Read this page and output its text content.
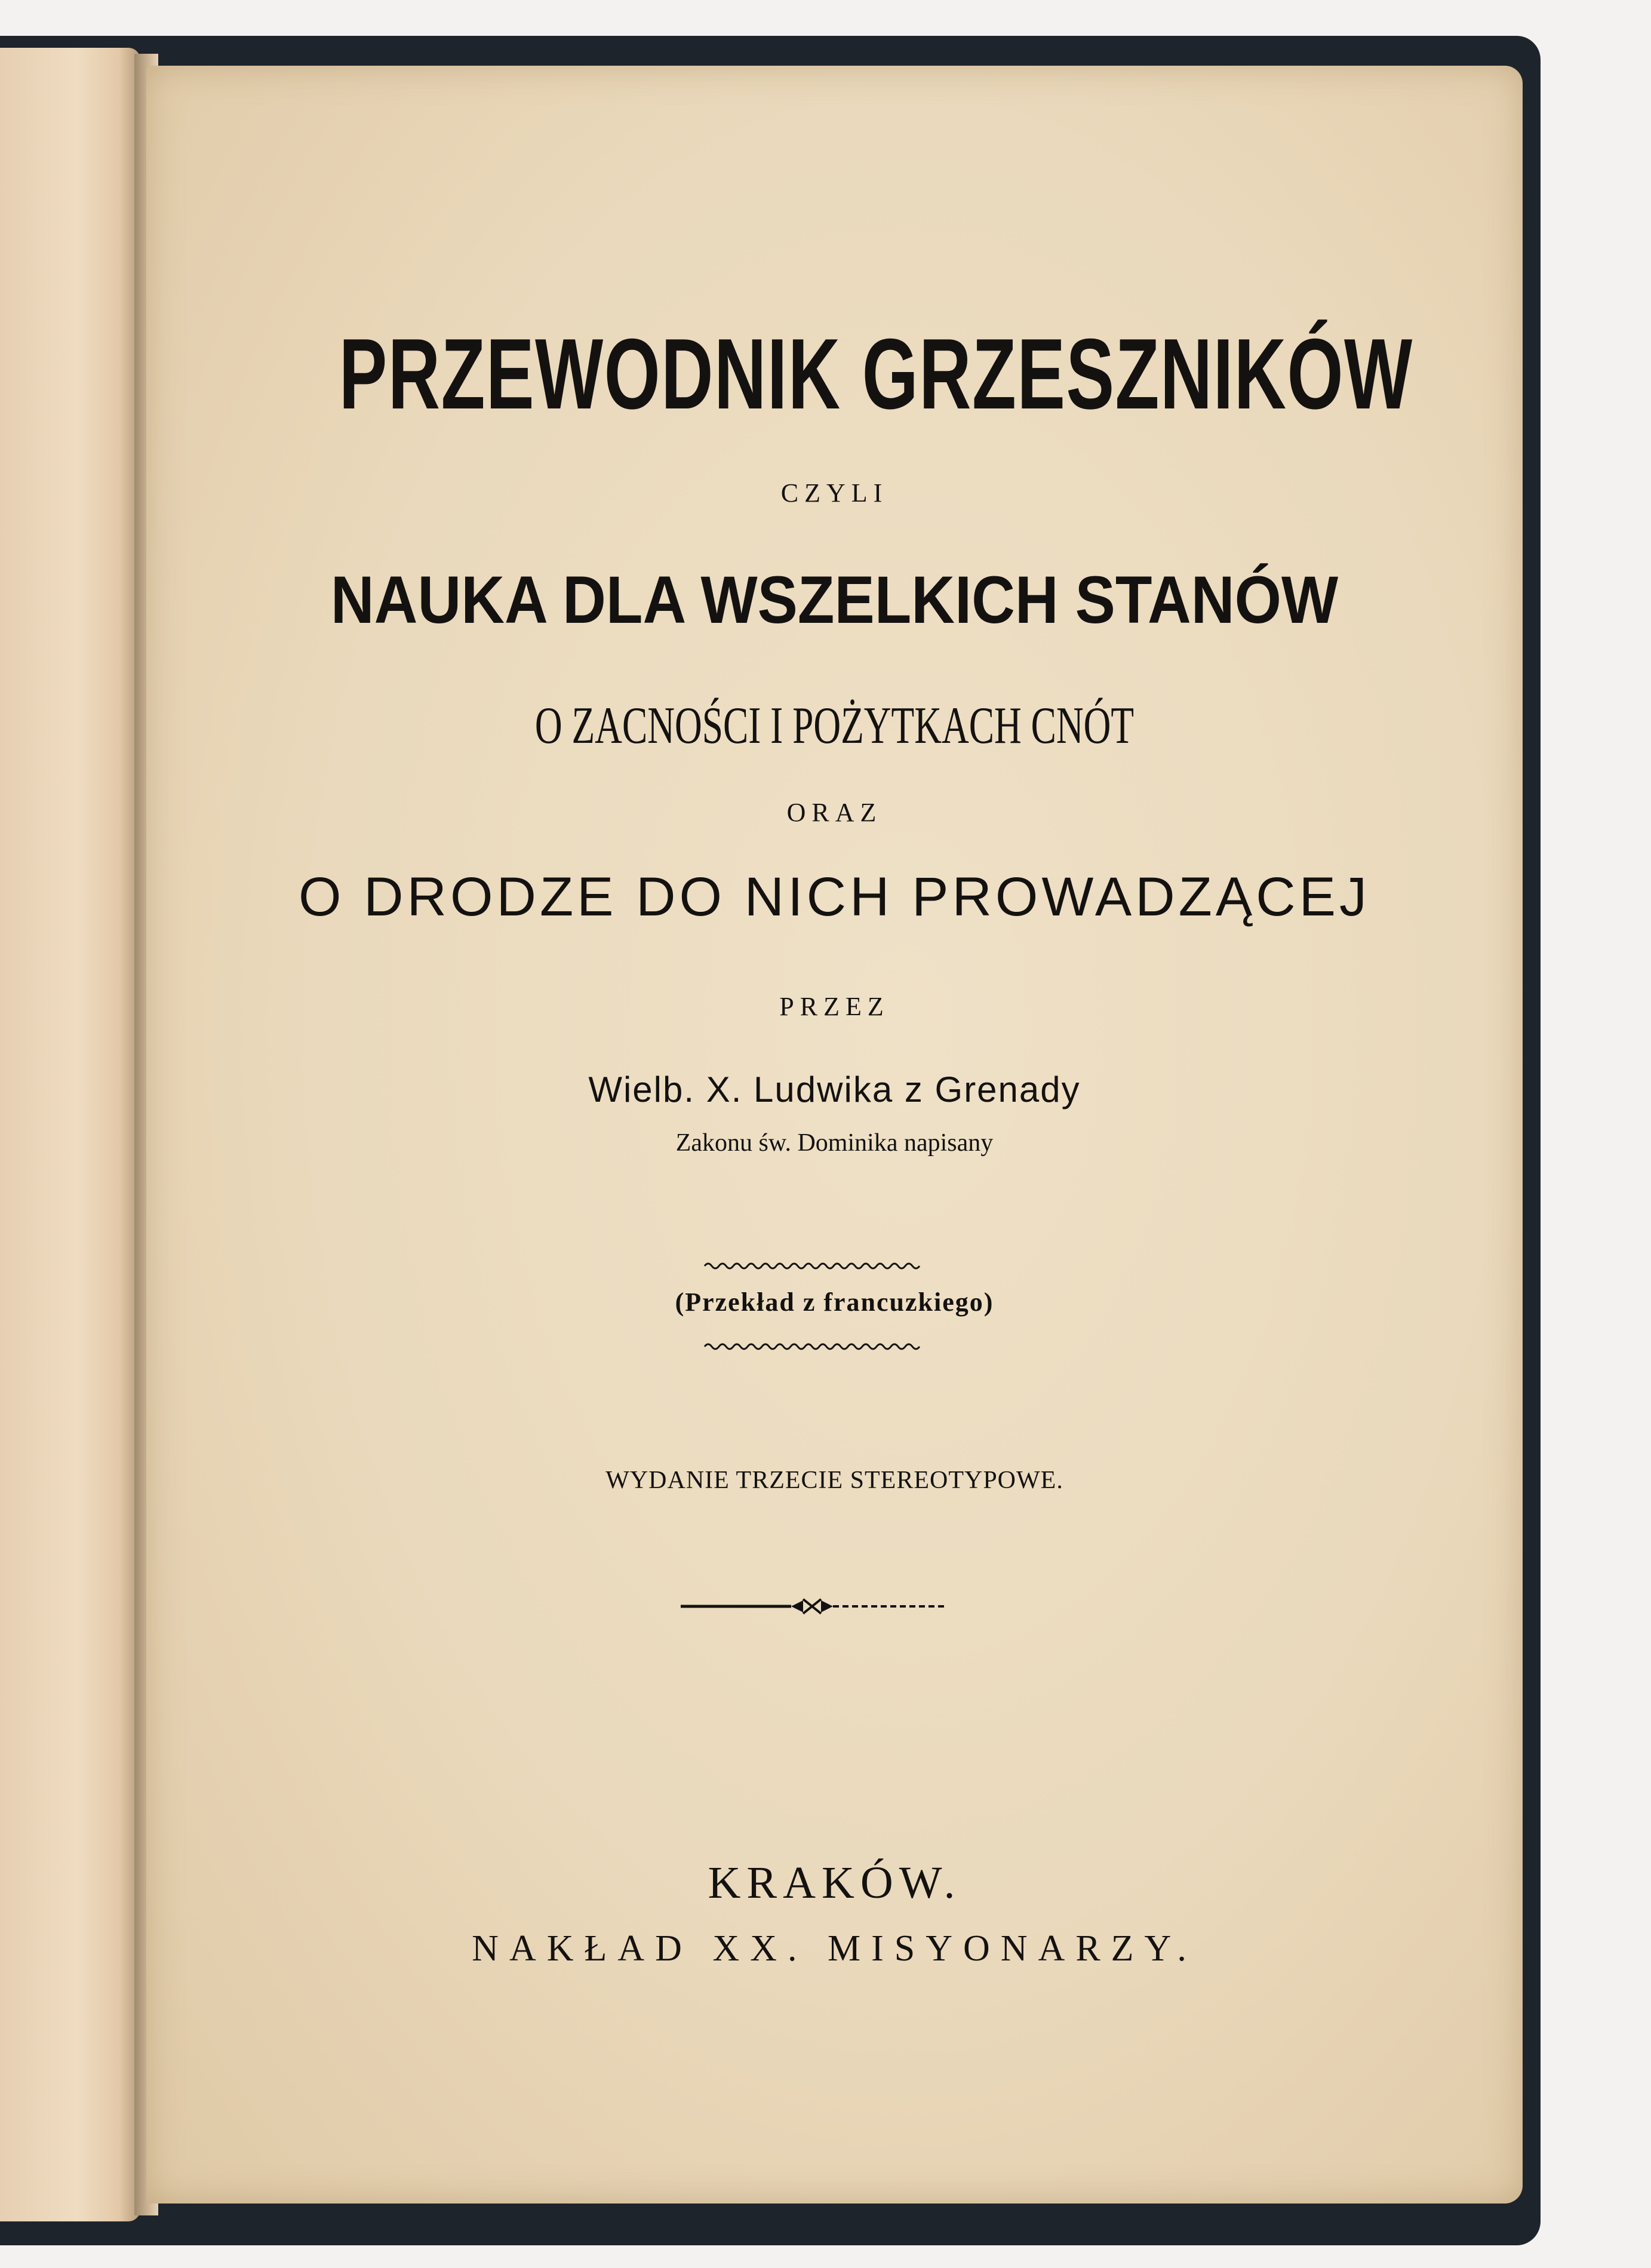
PRZEWODNIK GRZESZNIKÓW
CZYLI
NAUKA DLA WSZELKICH STANÓW
O ZACNOŚCI I POŻYTKACH CNÓT
ORAZ
O DRODZE DO NICH PROWADZĄCEJ
PRZEZ
Wielb. X. Ludwika z Grenady
Zakonu św. Dominika napisany
(Przekład z francuzkiego)
WYDANIE TRZECIE STEREOTYPOWE.
KRAKÓW.
NAKŁAD XX. MISYONARZY.
